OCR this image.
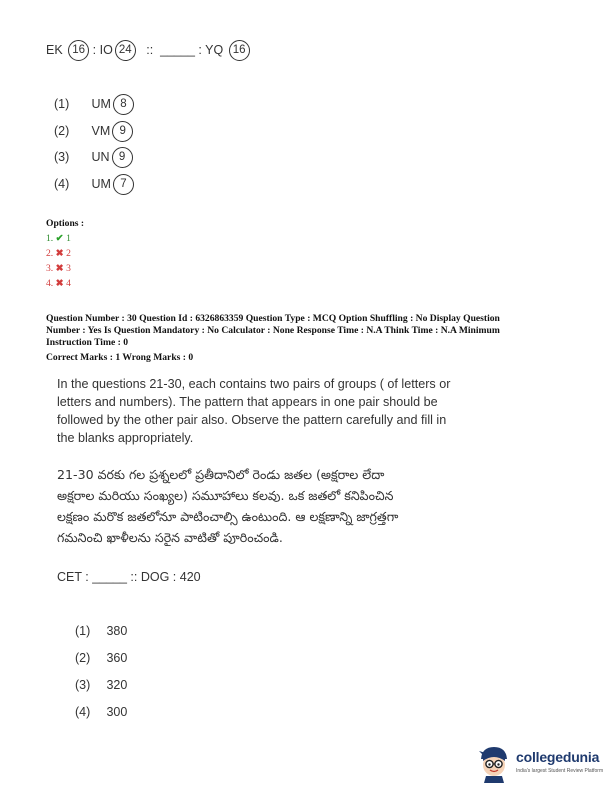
EK 16 : IO 24 :: _____ : YQ 16
(1) UM 8
(2) VM 9
(3) UN 9
(4) UM 7
Options :
1. ✔ 1
2. ✖ 2
3. ✖ 3
4. ✖ 4
Question Number : 30 Question Id : 6326863359 Question Type : MCQ Option Shuffling : No Display Question
Number : Yes Is Question Mandatory : No Calculator : None Response Time : N.A Think Time : N.A Minimum
Instruction Time : 0
Correct Marks : 1 Wrong Marks : 0
In the questions 21-30, each contains two pairs of groups ( of letters or
letters and numbers). The pattern that appears in one pair should be
followed by the other pair also. Observe the pattern carefully and fill in
the blanks appropriately.
21-30 వరకు గల ప్రశ్నలలో ప్రతీదానిలో రెండు జతల (అక్షరాల లేదా
అక్షరాల మరియు సంఖ్యల) సమూహాలు కలవు. ఒక జతలో కనిపించిన
లక్షణం మరొక జతలోనూ పాటించాల్సి ఉంటుంది. ఆ లక్షణాన్ని జాగ్రత్తగా
గమనించి ఖాళీలను సరైన వాటితో పూరించండి.
CET : _____ :: DOG : 420
(1) 380
(2) 360
(3) 320
(4) 300
collegedunia
India's largest Student Review Platform
